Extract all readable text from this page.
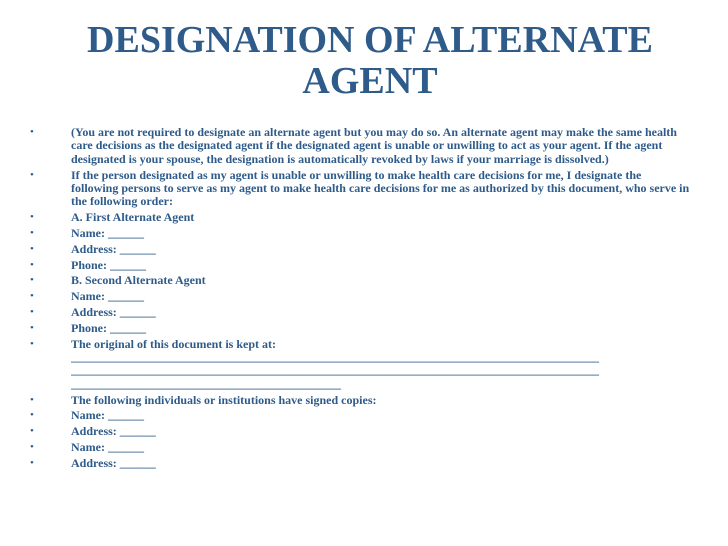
DESIGNATION OF ALTERNATE AGENT
•	(You are not required to designate an alternate agent but you may do so. An alternate agent may make the same health care decisions as the designated agent if the designated agent is unable or unwilling to act as your agent. If the agent designated is your spouse, the designation is automatically revoked by laws if your marriage is dissolved.)
•	If the person designated as my agent is unable or unwilling to make health care decisions for me, I designate the following persons to serve as my agent to make health care decisions for me as authorized by this document, who serve in the following order:
•	A. First Alternate Agent
•	Name: ______
•	Address: ______
•	Phone: ______
•	B. Second Alternate Agent
•	Name: ______
•	Address: ______
•	Phone: ______
•	The original of this document is kept at:
________________________________________________________________________________________
________________________________________________________________________________________
_____________________________________________
•	The following individuals or institutions have signed copies:
•	Name: ______
•	Address: ______
•	Name: ______
•	Address: ______
